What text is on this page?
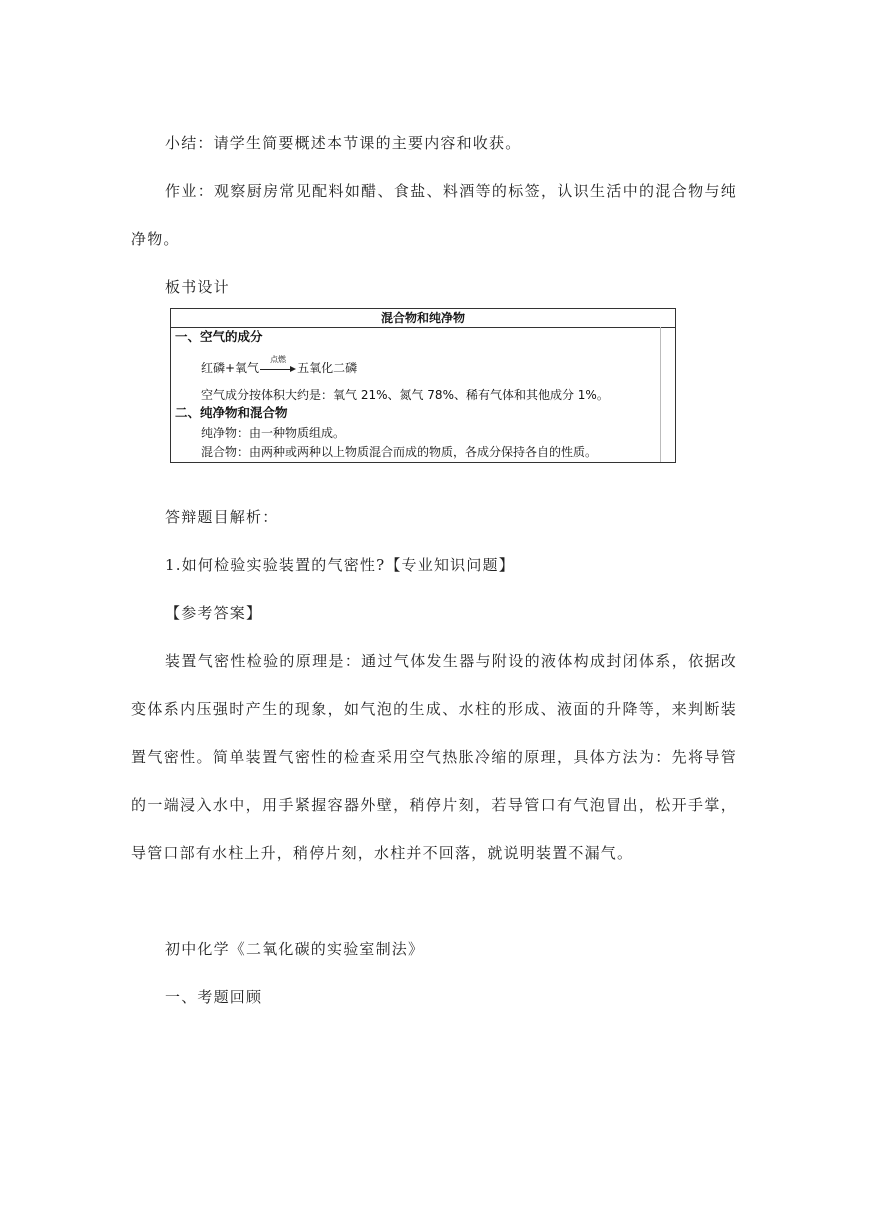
小结：请学生简要概述本节课的主要内容和收获。
作业：观察厨房常见配料如醋、食盐、料酒等的标签，认识生活中的混合物与纯净物。
板书设计
混合物和纯净物
一、空气的成分
红磷+氧气
点燃
五氧化二磷
空气成分按体积大约是：氧气 21%、氮气 78%、稀有气体和其他成分 1%。
二、纯净物和混合物
纯净物：由一种物质组成。
混合物：由两种或两种以上物质混合而成的物质，各成分保持各自的性质。
答辩题目解析：
1.如何检验实验装置的气密性?【专业知识问题】
【参考答案】
装置气密性检验的原理是：通过气体发生器与附设的液体构成封闭体系，依据改变体系内压强时产生的现象，如气泡的生成、水柱的形成、液面的升降等，来判断装置气密性。简单装置气密性的检查采用空气热胀冷缩的原理，具体方法为：先将导管的一端浸入水中，用手紧握容器外壁，稍停片刻，若导管口有气泡冒出，松开手掌，导管口部有水柱上升，稍停片刻，水柱并不回落，就说明装置不漏气。
初中化学《二氧化碳的实验室制法》
一、考题回顾
